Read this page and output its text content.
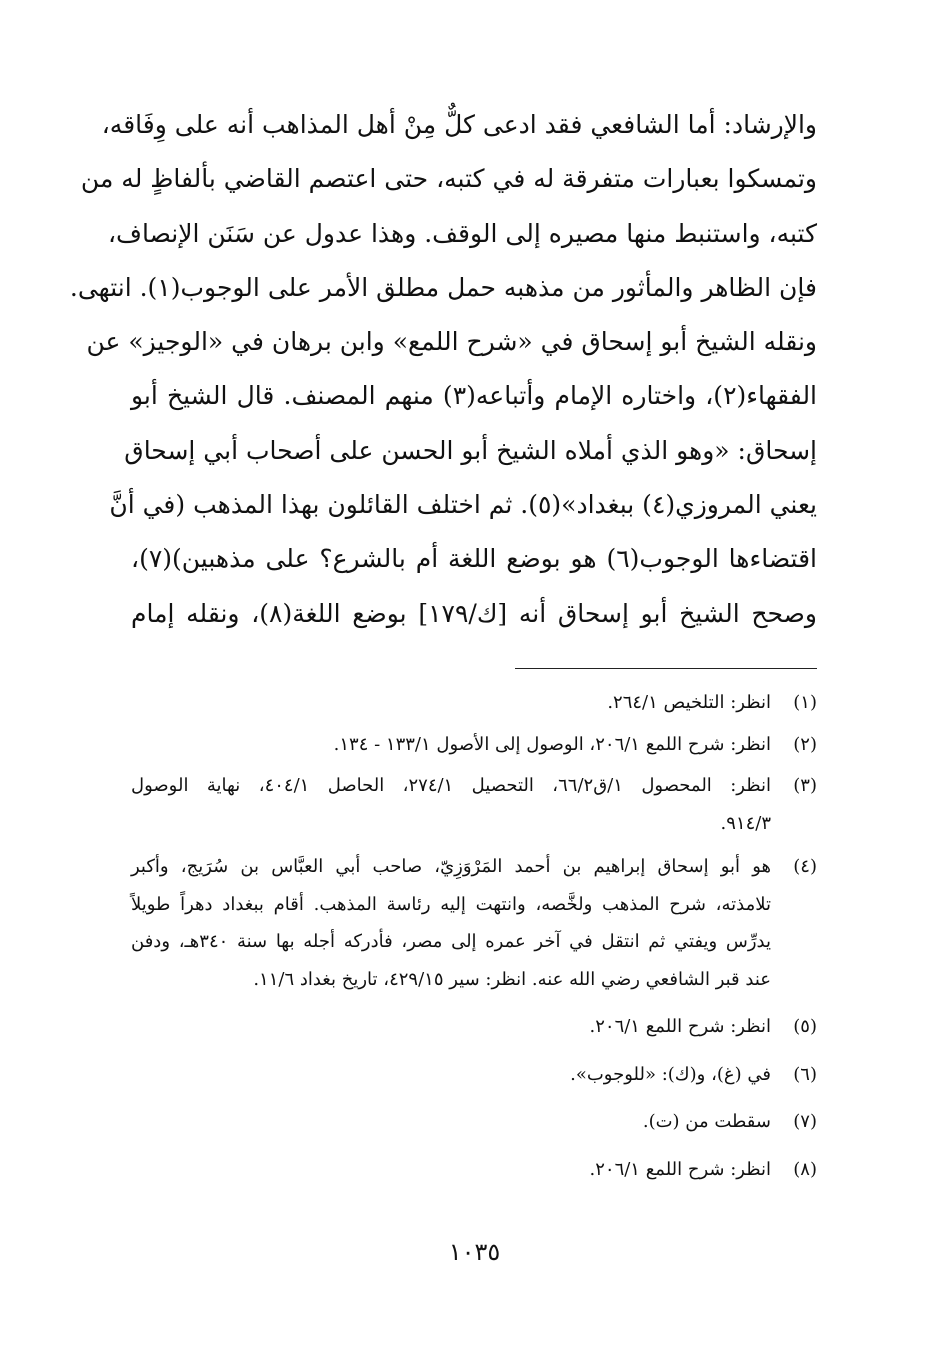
والإرشاد: أما الشافعي فقد ادعى كلٌّ مِنْ أهل المذاهب أنه على وِفَاقه،
وتمسكوا بعبارات متفرقة له في كتبه، حتى اعتصم القاضي بألفاظٍ له من
كتبه، واستنبط منها مصيره إلى الوقف. وهذا عدول عن سَنَن الإنصاف،
فإن الظاهر والمأثور من مذهبه حمل مطلق الأمر على الوجوب(١). انتهى.
ونقله الشيخ أبو إسحاق في «شرح اللمع» وابن برهان في «الوجيز» عن
الفقهاء(٢)، واختاره الإمام وأتباعه(٣) منهم المصنف. قال الشيخ أبو
إسحاق: «وهو الذي أملاه الشيخ أبو الحسن على أصحاب أبي إسحاق
يعني المروزي(٤) ببغداد»(٥). ثم اختلف القائلون بهذا المذهب (في أنَّ
اقتضاءها الوجوب(٦) هو بوضع اللغة أم بالشرع؟ على مذهبين)(٧)،
وصحح الشيخ أبو إسحاق أنه [ك/١٧٩] بوضع اللغة(٨)، ونقله إمام
(١)
انظر: التلخيص ٢٦٤/١.
(٢)
انظر: شرح اللمع ٢٠٦/١، الوصول إلى الأصول ١٣٣/١ - ١٣٤.
(٣)
انظر: المحصول ١/ق٦٦/٢، التحصيل ٢٧٤/١، الحاصل ٤٠٤/١، نهاية الوصول
٩١٤/٣.
(٤)
هو أبو إسحاق إبراهيم بن أحمد المَرْوَزِيّ، صاحب أبي العبَّاس بن سُرَيج، وأكبر
تلامذته، شرح المذهب ولخَّصه، وانتهت إليه رئاسة المذهب. أقام ببغداد دهراً طويلاً
يدرِّس ويفتي ثم انتقل في آخر عمره إلى مصر، فأدركه أجله بها سنة ٣٤٠هـ، ودفن
عند قبر الشافعي رضي الله عنه. انظر: سير ٤٢٩/١٥، تاريخ بغداد ١١/٦.
(٥)
انظر: شرح اللمع ٢٠٦/١.
(٦)
في (غ)، و(ك): «للوجوب».
(٧)
سقطت من (ت).
(٨)
انظر: شرح اللمع ٢٠٦/١.
١٠٣٥
